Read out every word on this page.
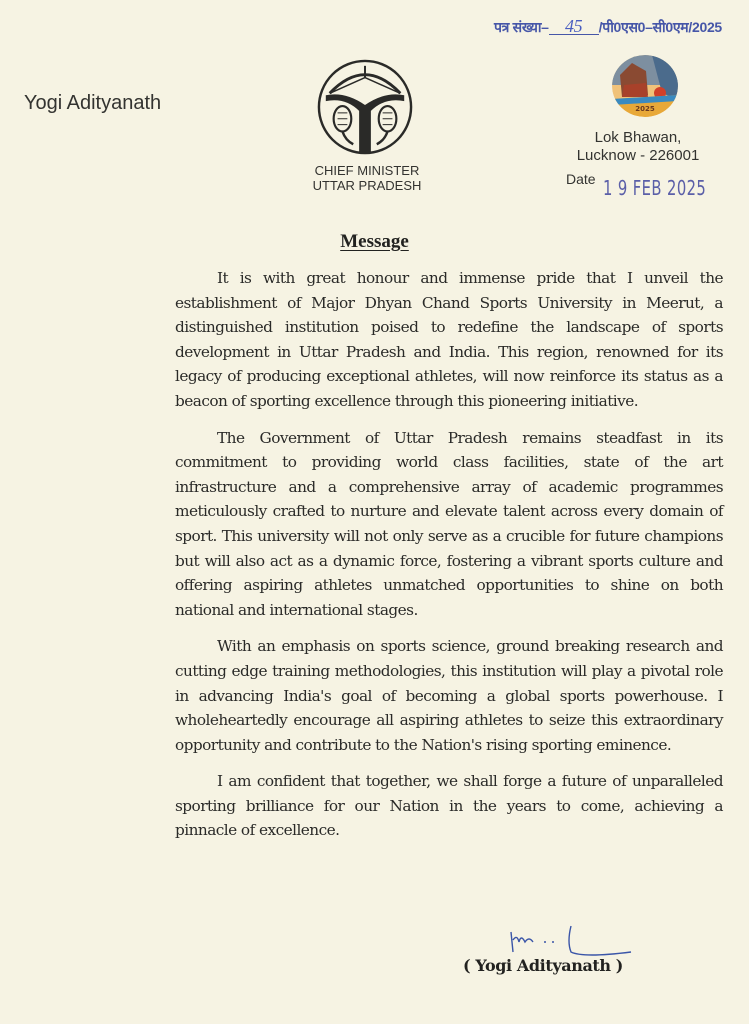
पत्र संख्या– 45 /पी0एस0–सी0एम/2025
Yogi Adityanath
CHIEF MINISTER
UTTAR PRADESH
2025
Lok Bhawan,
Lucknow - 226001
Date 1 9 FEB 2025
Message

It is with great honour and immense pride that I unveil the establishment of Major Dhyan Chand Sports University in Meerut, a distinguished institution poised to redefine the landscape of sports development in Uttar Pradesh and India. This region, renowned for its legacy of producing exceptional athletes, will now reinforce its status as a beacon of sporting excellence through this pioneering initiative.

The Government of Uttar Pradesh remains steadfast in its commitment to providing world class facilities, state of the art infrastructure and a comprehensive array of academic programmes meticulously crafted to nurture and elevate talent across every domain of sport. This university will not only serve as a crucible for future champions but will also act as a dynamic force, fostering a vibrant sports culture and offering aspiring athletes unmatched opportunities to shine on both national and international stages.

With an emphasis on sports science, ground breaking research and cutting edge training methodologies, this institution will play a pivotal role in advancing India's goal of becoming a global sports powerhouse. I wholeheartedly encourage all aspiring athletes to seize this extraordinary opportunity and contribute to the Nation's rising sporting eminence.

I am confident that together, we shall forge a future of unparalleled sporting brilliance for our Nation in the years to come, achieving a pinnacle of excellence.

( Yogi Adityanath )
